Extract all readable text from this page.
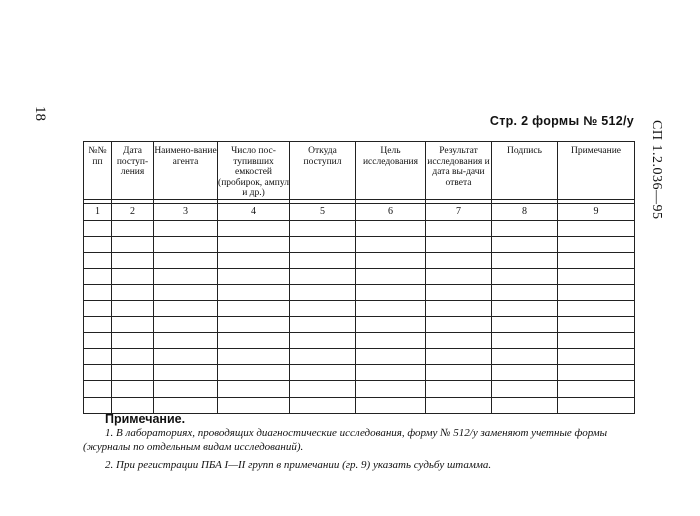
18
СП 1.2.036—95
Стр. 2 формы № 512/у
№№ пп	Дата поступ-ления	Наимено-вание агента	Число пос-тупивших емкостей (пробирок, ампул и др.)	Откуда поступил	Цель исследования	Результат исследования и дата вы-дачи ответа	Подпись	Примечание

1	2	3	4	5	6	7	8	9

Примечание.
1. В лабораториях, проводящих диагностические исследования, форму № 512/у заменяют учетные формы (журналы по отдельным видам исследований).
2. При регистрации ПБА I—II групп в примечании (гр. 9) указать судьбу штамма.
